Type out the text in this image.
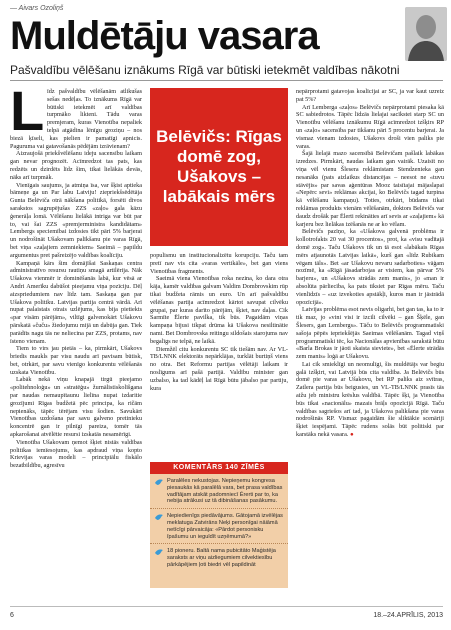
— Aivars Ozoliņš
Muldētāju vasara
Pašvaldību vēlēšanu iznākums Rīgā var būtiski ietekmēt valdības nākotni
L īdz pašvaldību vēlēšanām atlikušas sešas nedēļas. To iznākums Rīgā var būtiski ietekmēt arī valdības turpmāko likteni. Tādu varas premjeram, kuras Vienotība nepaliek telpā atgādina lēnīgu groziņu – nos biezā ķīseli, kas pielien ir pamatīgi apnicis. Paguruma vai gatavošanās pēdējām izrāvienam?

Aizraujošā priekšvēlēšanu ideju sacensību laikam gan nevar prognozēt. Acīmredzot tas pats, kas redzēts un dzirdēts līdz šim, tikai lielākās devās, näks arī turpmāk.

Vienīgais saujums, ja atmiņa īsa, var šķist aptieka bāmeņe ga un Par labu Latviju! ziepriekšsēdētāja Gunta Belēviča otrā nākšana politikā, forsēti divos sarakstos sagrupējušas ZZS «zaļo» gala kāzu ģenerāļa lomā. Vēlēšanu lielākā intriga var būt par to, vai šai ZZS «premjerministra kandidātam» Lembergs speciemībai izdosies tikt pāri 5% barjerai un nodrošināt Ušakovam palīkšanu pie varas Rīgā, bet viņa «zaļajiem zemniekiem» Saeimā – papildu argumentus pret pašreizējo valdības koalīciju.

Kampaņā kārs šim domājīšai Saskaņas centra administratīvo resursu rautiņu smagā artilērija. Nāk Ušakova vienmēr ir dominēšanās labā, kur vēsā ar Andri Amerīku dabūšot pieejamu viņa pozīciju. Dēļ aizspriedumiem nav līdz tam. Saskaņa gan par Ušakova politiku. Latvijas partija centrā vārdā. Arī nupat palaistais otrais uzlējums, kas bija pietiekts «par visām pārējām», viltīgi galvenokārt Ušakovu pārskatā «čuču» žiedojumu mijā un dabūja gan. Tiek parādīts nagu tās ne neliecina par ZZS, protams, nav īsteno vienam.

Tiem to virs jau pietās – ka, pirmkārt, Ušakovs briedis maukls par visu naudu arī pavisam būtisk, bet, otrkārt, par savu vienīgo konkurentu vēlēšanās uzskata Vienotību.

Labāk nekā viņu knapajā tirgū pieejamo «politehnoloģu» un «stratēģu» žurnālistiskolīšgana par naudas nemaupītaunu lielīna nupat izdaritie grozījumi Rīgas budžetā pēc principa, ka ričām nepienāks, tāpēc tērējam visu šodien. Savukārt Vienotības uzdošana par savu galveno pretinieku koncentrē gan ir pilnīgi pareiza, tomēr tās apkarošanai atvēlētie resursi izskatās nesamērīgi.

Vienotība Ušakovam ņemot šķiet nistās valdības politikas iemīesojums, kas apdraud viņa kopto Krievijas varas modeli – principiālu fiskālo bezatbildību, agresīvu

Belēvičs: Rīgas
domē zog,
Ušakovs –
labākais mērs

populismu un institucionalizētu korupciju. Taču tam pretī nav vis cita «varas vertikāle», bet gan viens Vienotības fragments.

Saeimā viena Vienotības roka nezina, ko dara otra kāja, kamēr valdības galvam Valdim Dombrovskim rūp tikai budžeta rāmis un euro. Un arī pašvaldību vēlēšanas partija acīmredzot kārtot savupat cilvēku grupai, par kuras darīto pārējām, šķiet, nav daļas. Cik Sarmīte Ēlerte pavilka, tik būs. Pagaidām viņas kampaņa bijusi tikpat drūma kā Ušakova nesiltinātie nami. Bet Dombrovska reitingu sildošais starojums nav begalīgs ne telpā, ne laikā.

Diemžēl citu konkurentu SC tik tiešām nav. Ar VL-TB/LNNK elektorāts nepārklājas, turklāt burtiņš viens no otra. Bet Reformu partijas vēlētāji laikam ir noslīgums arī pašā partijā. Valdību minister gan uzbalso, ka tad kādēļ lai Rīgā būtu jābalso par partiju, kura

KOMENTĀRS 140 ZĪMĒS
Paralēles nekustojas. Nepieņemu kongresa piesaukās kā paralēlā vara, bet prasa valdības vadītājam atskāt padomniecī Ērerti par to, ka nebija atrākusi uz tā dibināšanas pasākumu.
Nepiedienīgs piedāvājums. Gātojamā izvēlējas meklatuga Zatvirāns Neķi personīgai nāiāmā netīcīgi pārvaicāja: «Pārdot personisku īpašumu un ieguldīt uzņēmumā?»
18 pioneru. Baltā nama pubicitāto Maģistēja saraksts ar viņu aizliegumiem cilvektiesību pārkāpējiem ļoti biedri vēl papildināt

nepārprotami gatavojas koalīcijai ar SC, ja var kaut uzreiz pat 5%?

Arī Lemberga «zaļos» Belēvičs nepārprotami piesaka kā SC sabiedrotos. Tāpēc līdzās lielajai sacīkstei starp SC un Vienotību vēlēšanu iznākumu Rīgā acīmredzot izšķirs RP un «zaļo» sacensība par tikšanu pāri 5 procentu barjerai. Ja vismaz vienam izdosies, Ušakovs droši vien paliks pie varas.

Šajā lielajā mazo sacensībā Belēvičam pašlaik labākas izredzes. Pirmkārt, naudas laikam gan vairāk. Uzaisīt no viņa vēl vienu Šlesera reklāmistam Stendzenieka gan nesanāks (pats aizlaikus distancējas – neesot ne «tuvu stāvējis» par savas aģentūras Mooz taisītajai mājaslapai «Nepērc sevi» reklāmas akcijai, ko Belēvičs tagad turpina kā vēlēšanu kampaņu). Toties, otrkārt, būdams tikai reklāmas produkts vienām vēlēšanām, doktors Belēvičs var daudz drošāk par Ēlerti rekināties arī sevis ar «zaļajiem» kā karjeru bez lielākas izēšanās ne ar ko vēlam.

Belēvičs pazīņo, ka «Ušakova galvenā problēma ir kollotrofakts 20 vai 30 procentos», prot, ka «visu vadītajā domē zog». Taču Ušakovs tik un tā esot «labākais Rīgas mērs atjaunotās Latvijas laikā», kurš gan «līdz Rubikam vēgam tāls». Bet «ar Ušakovu nevaru sadarboties» vāģam nozīmē, ka «Rīgā jāsadarbojas ar visiem, kas pārvar 5% barjeru», un «Ušakovs strādās zem manis», jo «man ir absolūta pārliecība, ka pats tiksiet par Rīgas mēru. Taču vienlīdzīs – «uz izvekoties apstākļi, kuros man ir jāstrādā opozīcijā».

Latvijas problēma esot nevis oligarhi, bet gan tas, ka to ir tik maz, jo «vini visi ir izcili cilvēki – gan Šķēle, gan Šlesers, gan Lembergs». Tāču to Belēvičs programmatiski sašoja pēpēs iepriekšējās Saeimas vēlēšanām. Tagad viņš programmatiski tēc, ka Nacionālas apvienības sarakstā būtu «Barla Brokas ir jāoti skaista sieviete», bet «Ēlerte strādās zem manis» loģā ar Ušakovu.

Lai cik smieklīgi un neomulīgi, šis muldētājs var begiu galā izšķirt, vai Latvijā būs cita valdība. Ja Belēvičs būs domē pie varas ar Ušakovu, bet RP paliks aiz svītras, Zatlera partija būs beigusies, un VL-TB/LNNK prasīs tās aižu jeb ministru krēslus valdībā. Tāpēc šķi, ja Vienotība būs tikai «nacionālu» mazais brāļs opozīcijā Rīgā. Taču valdības sagriešos arī tad, ja Ušakova palikšana pie varas nodrošinās RP. Vismaz pagaidām šie sliktākie scenāriji šķiet iespējami. Tāpēc rudens solās būt politiski par karstāks nekā vasara. ●

6	18.–24.APRĪLIS, 2013
